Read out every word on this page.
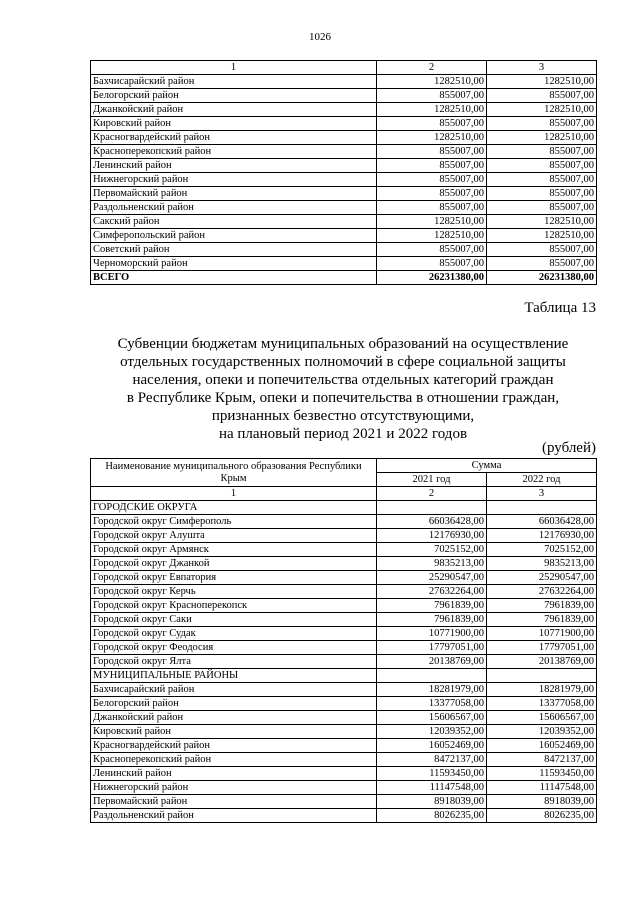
1026
1	2	3
Бахчисарайский район	1282510,00	1282510,00
Белогорский район	855007,00	855007,00
Джанкойский район	1282510,00	1282510,00
Кировский район	855007,00	855007,00
Красногвардейский район	1282510,00	1282510,00
Красноперекопский район	855007,00	855007,00
Ленинский район	855007,00	855007,00
Нижнегорский район	855007,00	855007,00
Первомайский район	855007,00	855007,00
Раздольненский район	855007,00	855007,00
Сакский район	1282510,00	1282510,00
Симферопольский район	1282510,00	1282510,00
Советский район	855007,00	855007,00
Черноморский район	855007,00	855007,00
ВСЕГО	26231380,00	26231380,00
Таблица 13
Субвенции бюджетам муниципальных образований на осуществление
отдельных государственных полномочий в сфере социальной защиты
населения, опеки и попечительства отдельных категорий граждан
в Республике Крым, опеки и попечительства в отношении граждан,
признанных безвестно отсутствующими,
на плановый период 2021 и 2022 годов
(рублей)
Наименование муниципального образования Республики Крым	Сумма	
	2021 год	2022 год
1	2	3
ГОРОДСКИЕ ОКРУГА		
Городской округ Симферополь	66036428,00	66036428,00
Городской округ Алушта	12176930,00	12176930,00
Городской округ Армянск	7025152,00	7025152,00
Городской округ Джанкой	9835213,00	9835213,00
Городской округ Евпатория	25290547,00	25290547,00
Городской округ Керчь	27632264,00	27632264,00
Городской округ Красноперекопск	7961839,00	7961839,00
Городской округ Саки	7961839,00	7961839,00
Городской округ Судак	10771900,00	10771900,00
Городской округ Феодосия	17797051,00	17797051,00
Городской округ Ялта	20138769,00	20138769,00
МУНИЦИПАЛЬНЫЕ РАЙОНЫ		
Бахчисарайский район	18281979,00	18281979,00
Белогорский район	13377058,00	13377058,00
Джанкойский район	15606567,00	15606567,00
Кировский район	12039352,00	12039352,00
Красногвардейский район	16052469,00	16052469,00
Красноперекопский район	8472137,00	8472137,00
Ленинский район	11593450,00	11593450,00
Нижнегорский район	11147548,00	11147548,00
Первомайский район	8918039,00	8918039,00
Раздольненский район	8026235,00	8026235,00
